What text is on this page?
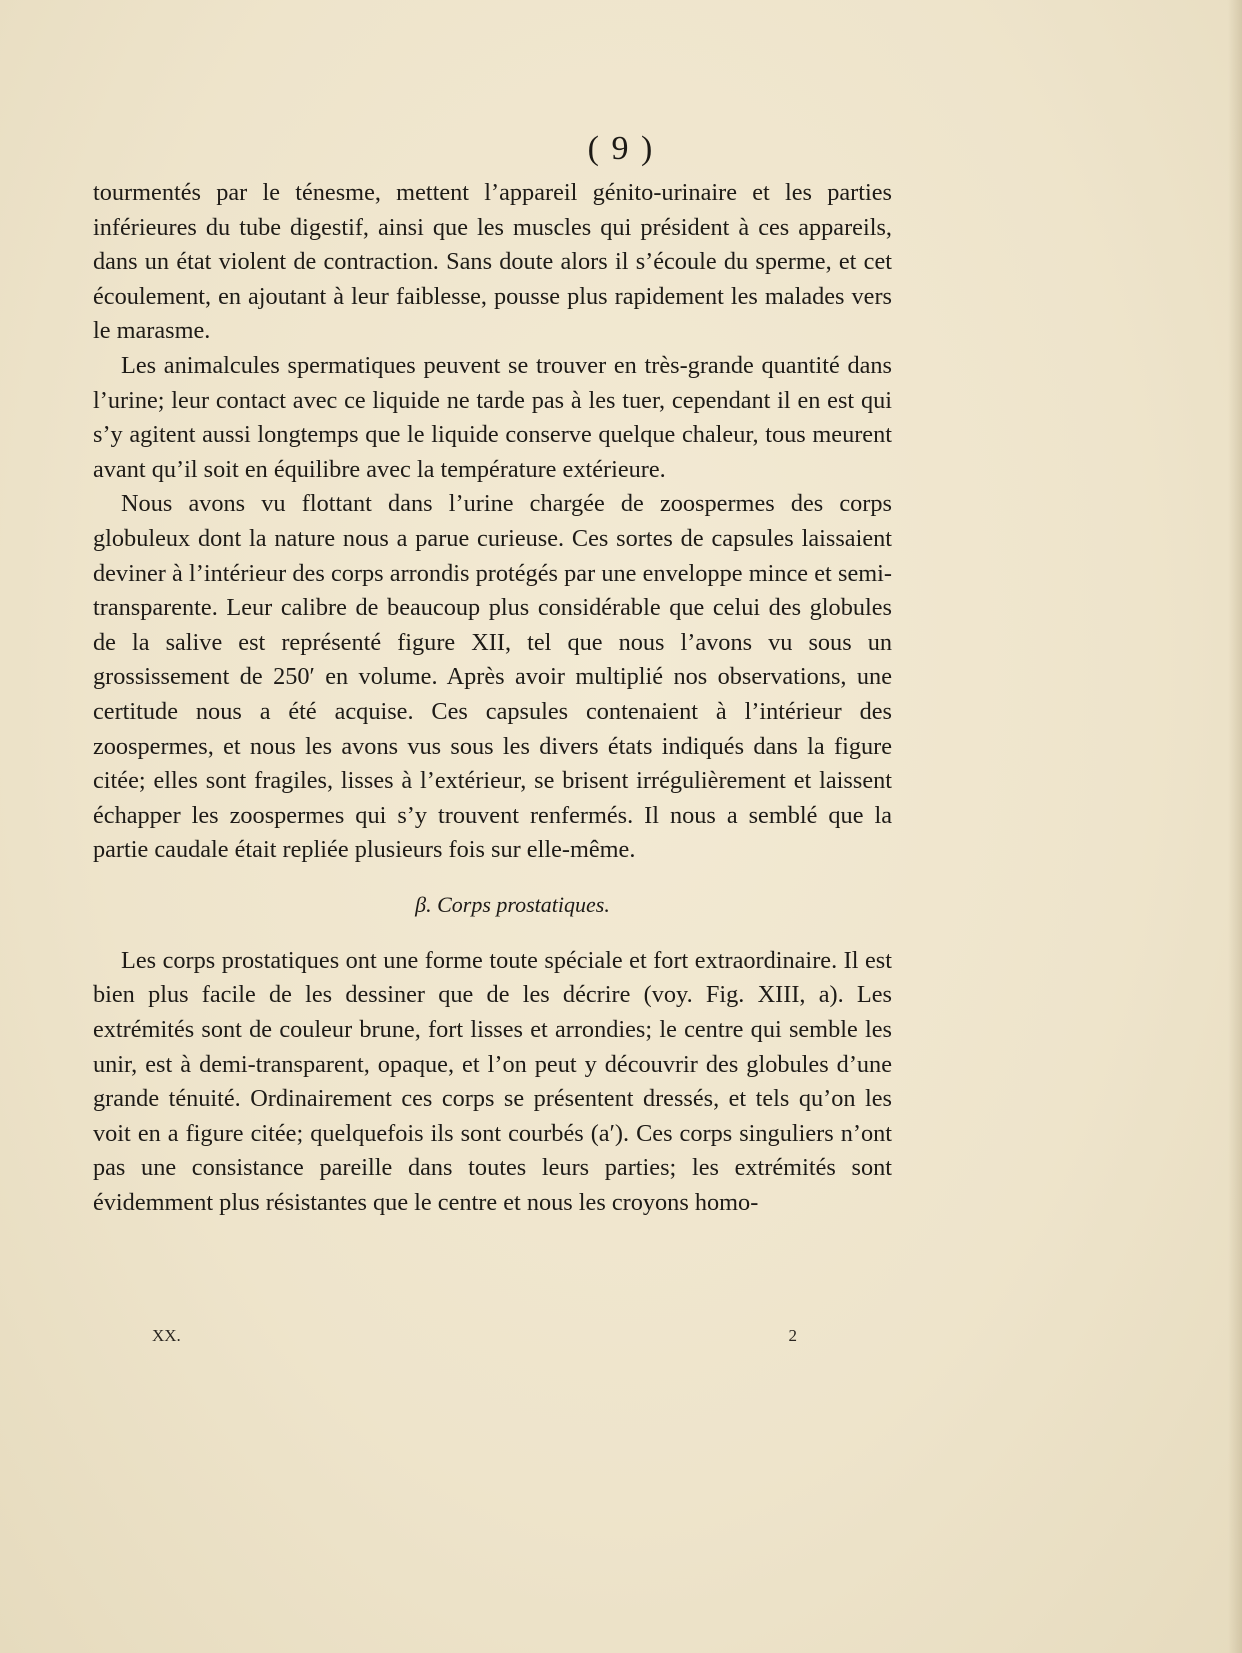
( 9 )

tourmentés par le ténesme, mettent l’appareil génito-urinaire et les parties inférieures du tube digestif, ainsi que les muscles qui président à ces appareils, dans un état violent de contraction. Sans doute alors il s’écoule du sperme, et cet écoulement, en ajoutant à leur faiblesse, pousse plus rapidement les malades vers le marasme.

Les animalcules spermatiques peuvent se trouver en très-grande quantité dans l’urine; leur contact avec ce liquide ne tarde pas à les tuer, cependant il en est qui s’y agitent aussi longtemps que le liquide conserve quelque chaleur, tous meurent avant qu’il soit en équilibre avec la température extérieure.

Nous avons vu flottant dans l’urine chargée de zoospermes des corps globuleux dont la nature nous a parue curieuse. Ces sortes de capsules laissaient deviner à l’intérieur des corps arrondis protégés par une enveloppe mince et semi-transparente. Leur calibre de beaucoup plus considérable que celui des globules de la salive est représenté figure XII, tel que nous l’avons vu sous un grossissement de 250′ en volume. Après avoir multiplié nos observations, une certitude nous a été acquise. Ces capsules contenaient à l’intérieur des zoospermes, et nous les avons vus sous les divers états indiqués dans la figure citée; elles sont fragiles, lisses à l’extérieur, se brisent irrégulièrement et laissent échapper les zoospermes qui s’y trouvent renfermés. Il nous a semblé que la partie caudale était repliée plusieurs fois sur elle-même.

β. Corps prostatiques.

Les corps prostatiques ont une forme toute spéciale et fort extraordinaire. Il est bien plus facile de les dessiner que de les décrire (voy. Fig. XIII, a). Les extrémités sont de couleur brune, fort lisses et arrondies; le centre qui semble les unir, est à demi-transparent, opaque, et l’on peut y découvrir des globules d’une grande ténuité. Ordinairement ces corps se présentent dressés, et tels qu’on les voit en a figure citée; quelquefois ils sont courbés (a′). Ces corps singuliers n’ont pas une consistance pareille dans toutes leurs parties; les extrémités sont évidemment plus résistantes que le centre et nous les croyons homo-

XX.	2
